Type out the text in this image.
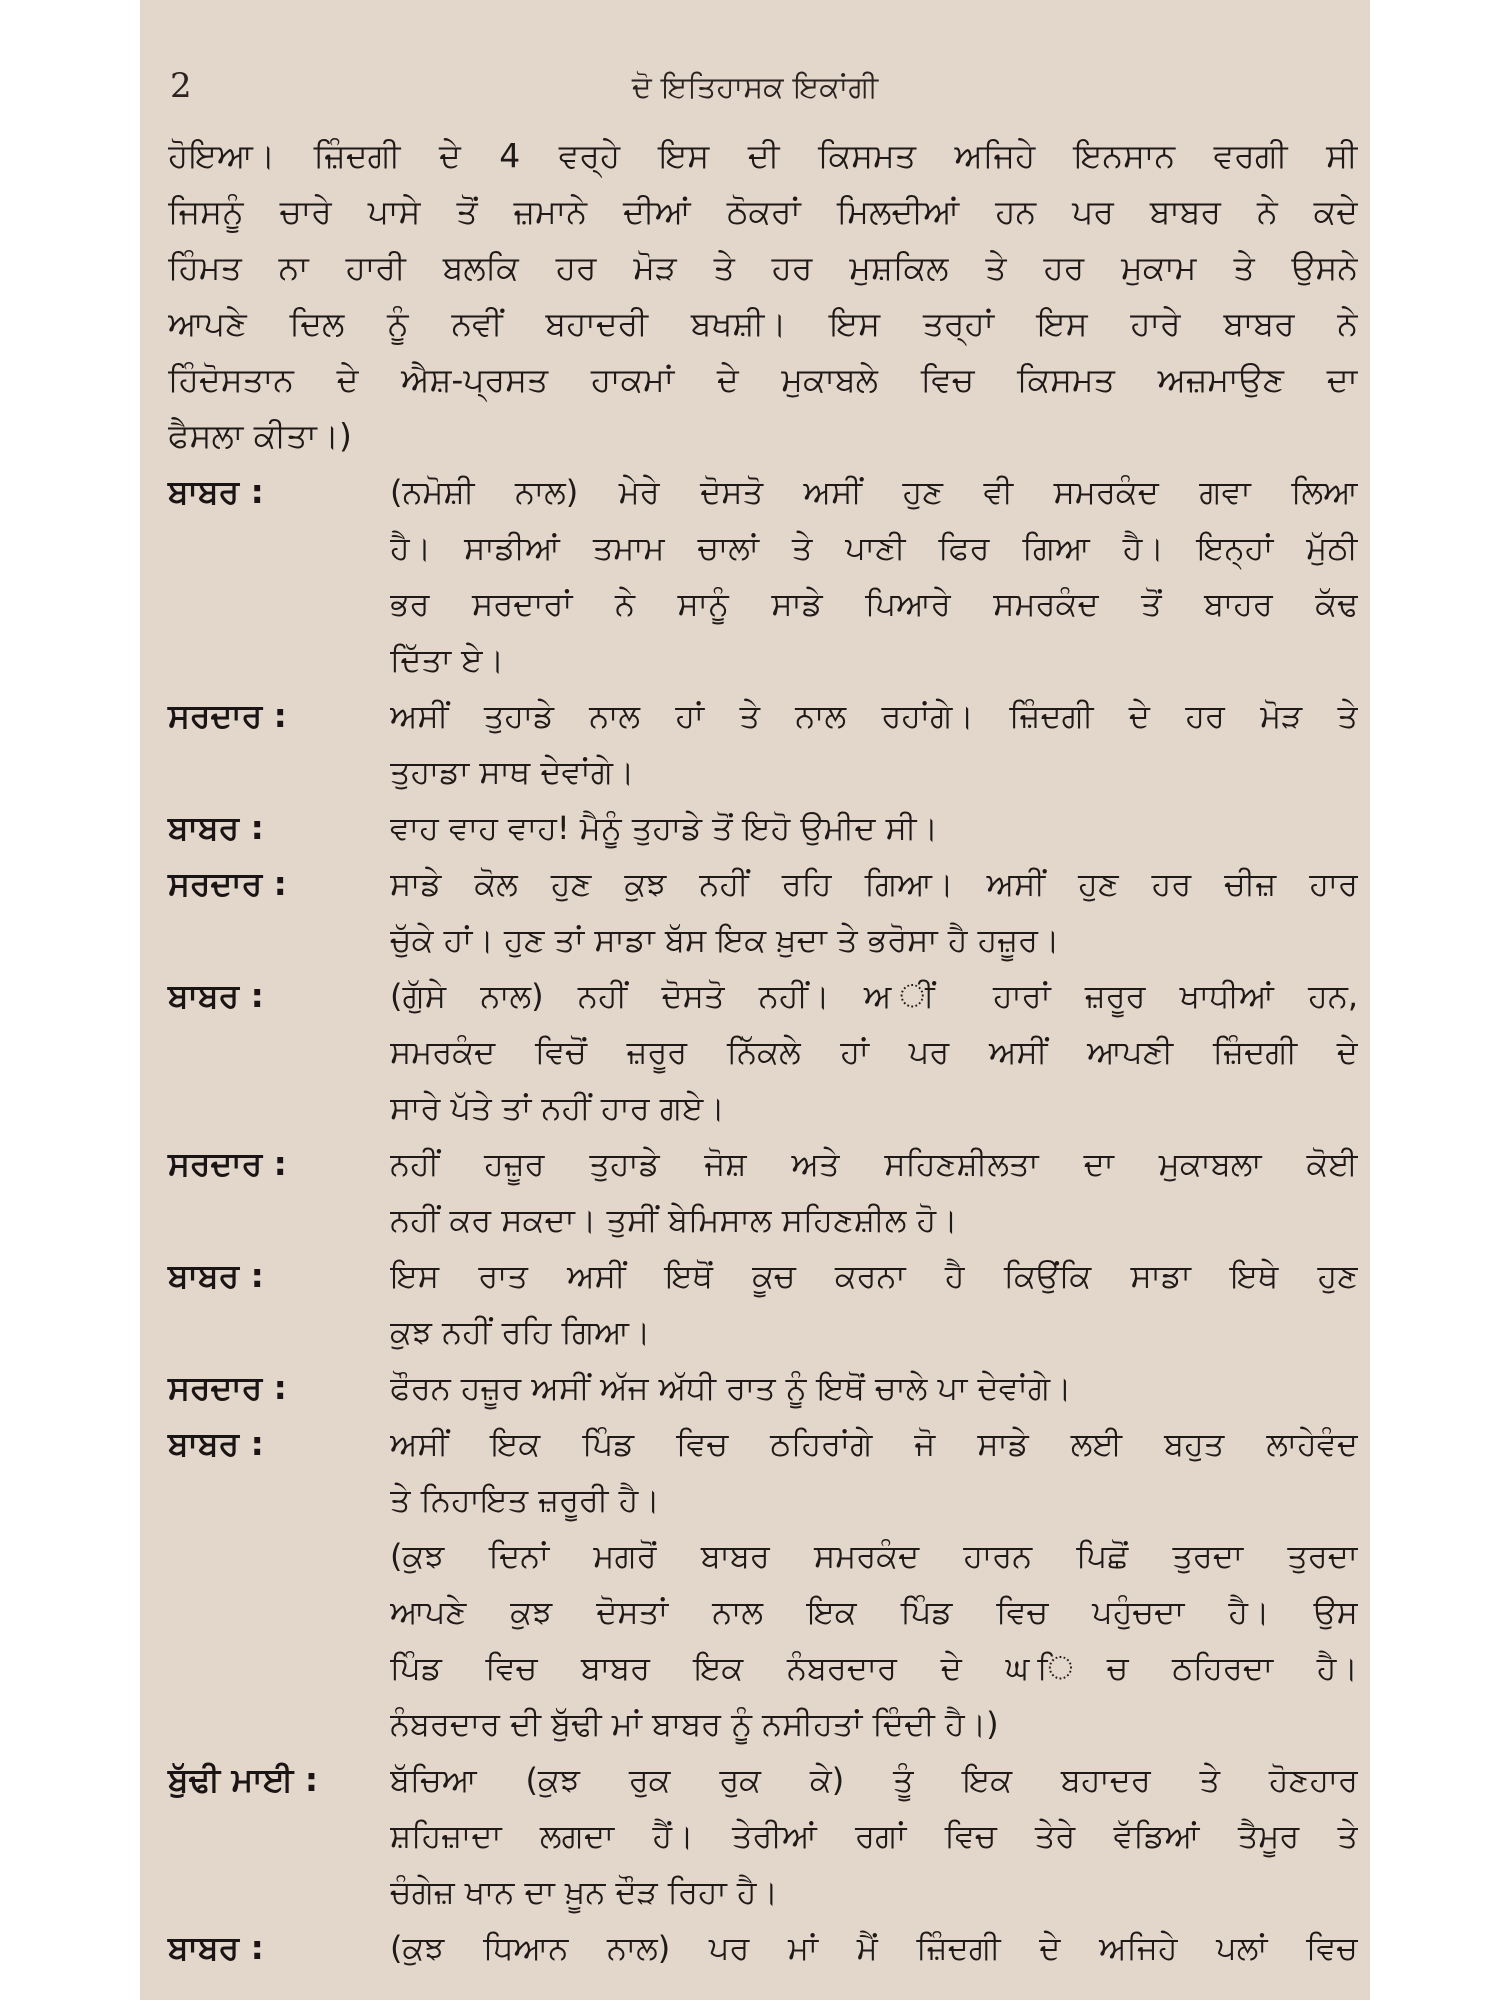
2	ਦੋ ਇਤਿਹਾਸਕ ਇਕਾਂਗੀ
ਹੋਇਆ। ਜ਼ਿੰਦਗੀ ਦੇ 4 ਵਰ੍ਹੇ ਇਸ ਦੀ ਕਿਸਮਤ ਅਜਿਹੇ ਇਨਸਾਨ ਵਰਗੀ ਸੀ
ਜਿਸਨੂੰ ਚਾਰੇ ਪਾਸੇ ਤੋਂ ਜ਼ਮਾਨੇ ਦੀਆਂ ਠੋਕਰਾਂ ਮਿਲਦੀਆਂ ਹਨ ਪਰ ਬਾਬਰ ਨੇ ਕਦੇ
ਹਿੰਮਤ ਨਾ ਹਾਰੀ ਬਲਕਿ ਹਰ ਮੋੜ ਤੇ ਹਰ ਮੁਸ਼ਕਿਲ ਤੇ ਹਰ ਮੁਕਾਮ ਤੇ ਉਸਨੇ
ਆਪਣੇ ਦਿਲ ਨੂੰ ਨਵੀਂ ਬਹਾਦਰੀ ਬਖਸ਼ੀ। ਇਸ ਤਰ੍ਹਾਂ ਇਸ ਹਾਰੇ ਬਾਬਰ ਨੇ
ਹਿੰਦੋਸਤਾਨ ਦੇ ਐਸ਼-ਪ੍ਰਸਤ ਹਾਕਮਾਂ ਦੇ ਮੁਕਾਬਲੇ ਵਿਚ ਕਿਸਮਤ ਅਜ਼ਮਾਉਣ ਦਾ
ਫੈਸਲਾ ਕੀਤਾ।)
ਬਾਬਰ :	(ਨਮੋਸ਼ੀ ਨਾਲ) ਮੇਰੇ ਦੋਸਤੋ ਅਸੀਂ ਹੁਣ ਵੀ ਸਮਰਕੰਦ ਗਵਾ ਲਿਆ
ਹੈ। ਸਾਡੀਆਂ ਤਮਾਮ ਚਾਲਾਂ ਤੇ ਪਾਣੀ ਫਿਰ ਗਿਆ ਹੈ। ਇਨ੍ਹਾਂ ਮੁੱਠੀ
ਭਰ ਸਰਦਾਰਾਂ ਨੇ ਸਾਨੂੰ ਸਾਡੇ ਪਿਆਰੇ ਸਮਰਕੰਦ ਤੋਂ ਬਾਹਰ ਕੱਢ
ਦਿੱਤਾ ਏ।
ਸਰਦਾਰ :	ਅਸੀਂ ਤੁਹਾਡੇ ਨਾਲ ਹਾਂ ਤੇ ਨਾਲ ਰਹਾਂਗੇ। ਜ਼ਿੰਦਗੀ ਦੇ ਹਰ ਮੋੜ ਤੇ
ਤੁਹਾਡਾ ਸਾਥ ਦੇਵਾਂਗੇ।
ਬਾਬਰ :	ਵਾਹ ਵਾਹ ਵਾਹ! ਮੈਨੂੰ ਤੁਹਾਡੇ ਤੋਂ ਇਹੋ ਉਮੀਦ ਸੀ।
ਸਰਦਾਰ :	ਸਾਡੇ ਕੋਲ ਹੁਣ ਕੁਝ ਨਹੀਂ ਰਹਿ ਗਿਆ। ਅਸੀਂ ਹੁਣ ਹਰ ਚੀਜ਼ ਹਾਰ
ਚੁੱਕੇ ਹਾਂ। ਹੁਣ ਤਾਂ ਸਾਡਾ ਬੱਸ ਇਕ ਖ਼ੁਦਾ ਤੇ ਭਰੋਸਾ ਹੈ ਹਜ਼ੂਰ।
ਬਾਬਰ :	(ਗੁੱਸੇ ਨਾਲ) ਨਹੀਂ ਦੋਸਤੋ ਨਹੀਂ। ਅ ੀਂ ਹਾਰਾਂ ਜ਼ਰੂਰ ਖਾਧੀਆਂ ਹਨ,
ਸਮਰਕੰਦ ਵਿਚੋਂ ਜ਼ਰੂਰ ਨਿੱਕਲੇ ਹਾਂ ਪਰ ਅਸੀਂ ਆਪਣੀ ਜ਼ਿੰਦਗੀ ਦੇ
ਸਾਰੇ ਪੱਤੇ ਤਾਂ ਨਹੀਂ ਹਾਰ ਗਏ।
ਸਰਦਾਰ :	ਨਹੀਂ ਹਜ਼ੂਰ ਤੁਹਾਡੇ ਜੋਸ਼ ਅਤੇ ਸਹਿਣਸ਼ੀਲਤਾ ਦਾ ਮੁਕਾਬਲਾ ਕੋਈ
ਨਹੀਂ ਕਰ ਸਕਦਾ। ਤੁਸੀਂ ਬੇਮਿਸਾਲ ਸਹਿਣਸ਼ੀਲ ਹੋ।
ਬਾਬਰ :	ਇਸ ਰਾਤ ਅਸੀਂ ਇਥੋਂ ਕੂਚ ਕਰਨਾ ਹੈ ਕਿਉਂਕਿ ਸਾਡਾ ਇਥੇ ਹੁਣ
ਕੁਝ ਨਹੀਂ ਰਹਿ ਗਿਆ।
ਸਰਦਾਰ :	ਫੌਰਨ ਹਜ਼ੂਰ ਅਸੀਂ ਅੱਜ ਅੱਧੀ ਰਾਤ ਨੂੰ ਇਥੋਂ ਚਾਲੇ ਪਾ ਦੇਵਾਂਗੇ।
ਬਾਬਰ :	ਅਸੀਂ ਇਕ ਪਿੰਡ ਵਿਚ ਠਹਿਰਾਂਗੇ ਜੋ ਸਾਡੇ ਲਈ ਬਹੁਤ ਲਾਹੇਵੰਦ
ਤੇ ਨਿਹਾਇਤ ਜ਼ਰੂਰੀ ਹੈ।
(ਕੁਝ ਦਿਨਾਂ ਮਗਰੋਂ ਬਾਬਰ ਸਮਰਕੰਦ ਹਾਰਨ ਪਿਛੋਂ ਤੁਰਦਾ ਤੁਰਦਾ
ਆਪਣੇ ਕੁਝ ਦੋਸਤਾਂ ਨਾਲ ਇਕ ਪਿੰਡ ਵਿਚ ਪਹੁੰਚਦਾ ਹੈ। ਉਸ
ਪਿੰਡ ਵਿਚ ਬਾਬਰ ਇਕ ਨੰਬਰਦਾਰ ਦੇ ਘ ਿਚ ਠਹਿਰਦਾ ਹੈ।
ਨੰਬਰਦਾਰ ਦੀ ਬੁੱਢੀ ਮਾਂ ਬਾਬਰ ਨੂੰ ਨਸੀਹਤਾਂ ਦਿੰਦੀ ਹੈ।)
ਬੁੱਢੀ ਮਾਈ :	ਬੱਚਿਆ (ਕੁਝ ਰੁਕ ਰੁਕ ਕੇ) ਤੂੰ ਇਕ ਬਹਾਦਰ ਤੇ ਹੋਣਹਾਰ
ਸ਼ਹਿਜ਼ਾਦਾ ਲਗਦਾ ਹੈਂ। ਤੇਰੀਆਂ ਰਗਾਂ ਵਿਚ ਤੇਰੇ ਵੱਡਿਆਂ ਤੈਮੂਰ ਤੇ
ਚੰਗੇਜ਼ ਖਾਨ ਦਾ ਖ਼ੂਨ ਦੌੜ ਰਿਹਾ ਹੈ।
ਬਾਬਰ :	(ਕੁਝ ਧਿਆਨ ਨਾਲ) ਪਰ ਮਾਂ ਮੈਂ ਜ਼ਿੰਦਗੀ ਦੇ ਅਜਿਹੇ ਪਲਾਂ ਵਿਚ
